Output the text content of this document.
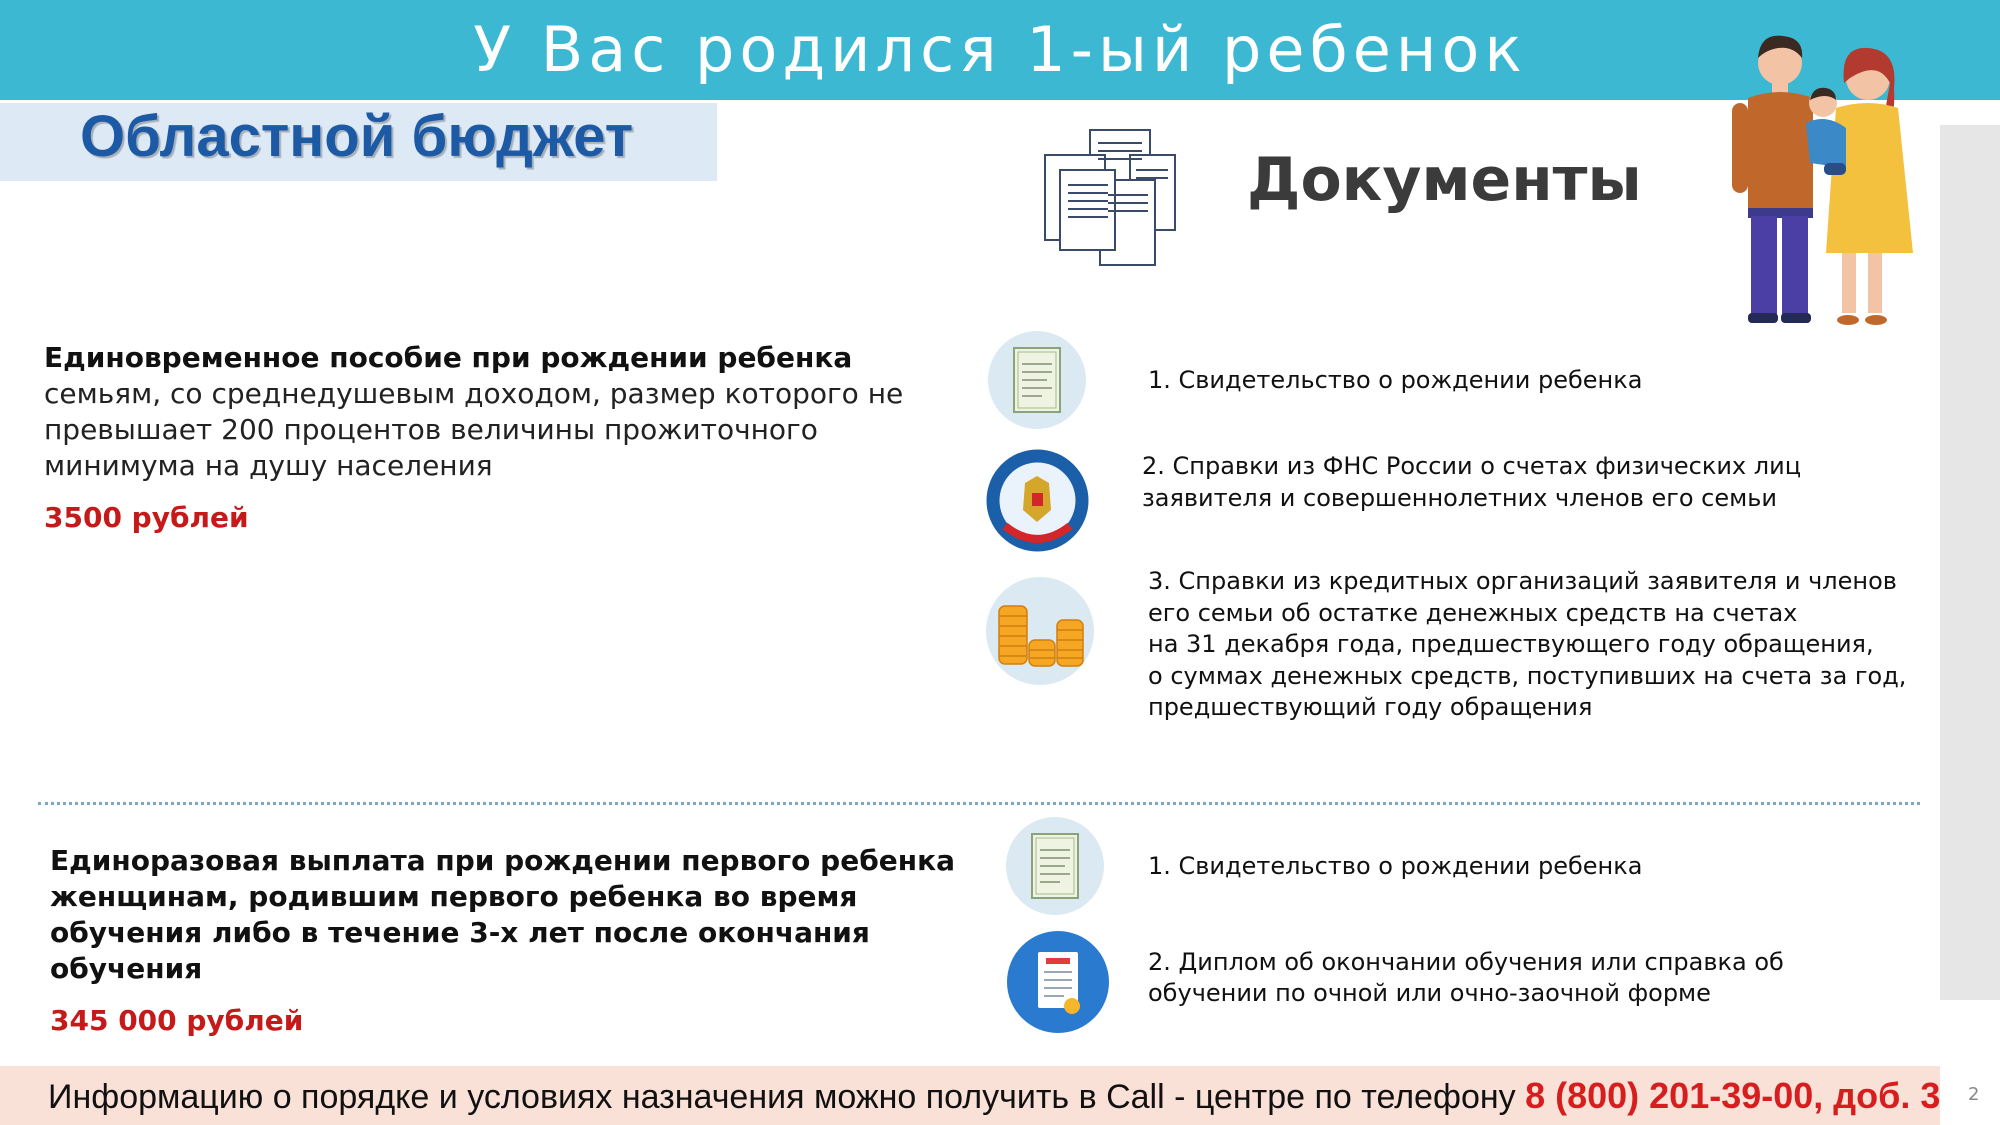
У Вас родился 1-ый ребенок
Областной бюджет
Документы
Единовременное пособие при рождении ребенка
семьям, со среднедушевым доходом, размер которого не
превышает 200 процентов величины прожиточного
минимума на душу населения
3500 рублей
1. Свидетельство о рождении ребенка
2. Справки из ФНС России о счетах физических лиц
заявителя и совершеннолетних членов его семьи
3. Справки из кредитных организаций заявителя и членов
его семьи об остатке денежных средств на счетах
на 31 декабря года, предшествующего году обращения,
о суммах денежных средств, поступивших на счета за год,
предшествующий году обращения
Единоразовая выплата при рождении первого ребенка
женщинам, родившим первого ребенка во время
обучения либо в течение 3-х лет после окончания
обучения
345 000 рублей
1. Свидетельство о рождении ребенка
2. Диплом об окончании обучения или справка об
обучении по очной или очно-заочной форме
Информацию о порядке и условиях назначения можно получить в Call - центре по телефону 8 (800) 201-39-00, доб. 3 2
